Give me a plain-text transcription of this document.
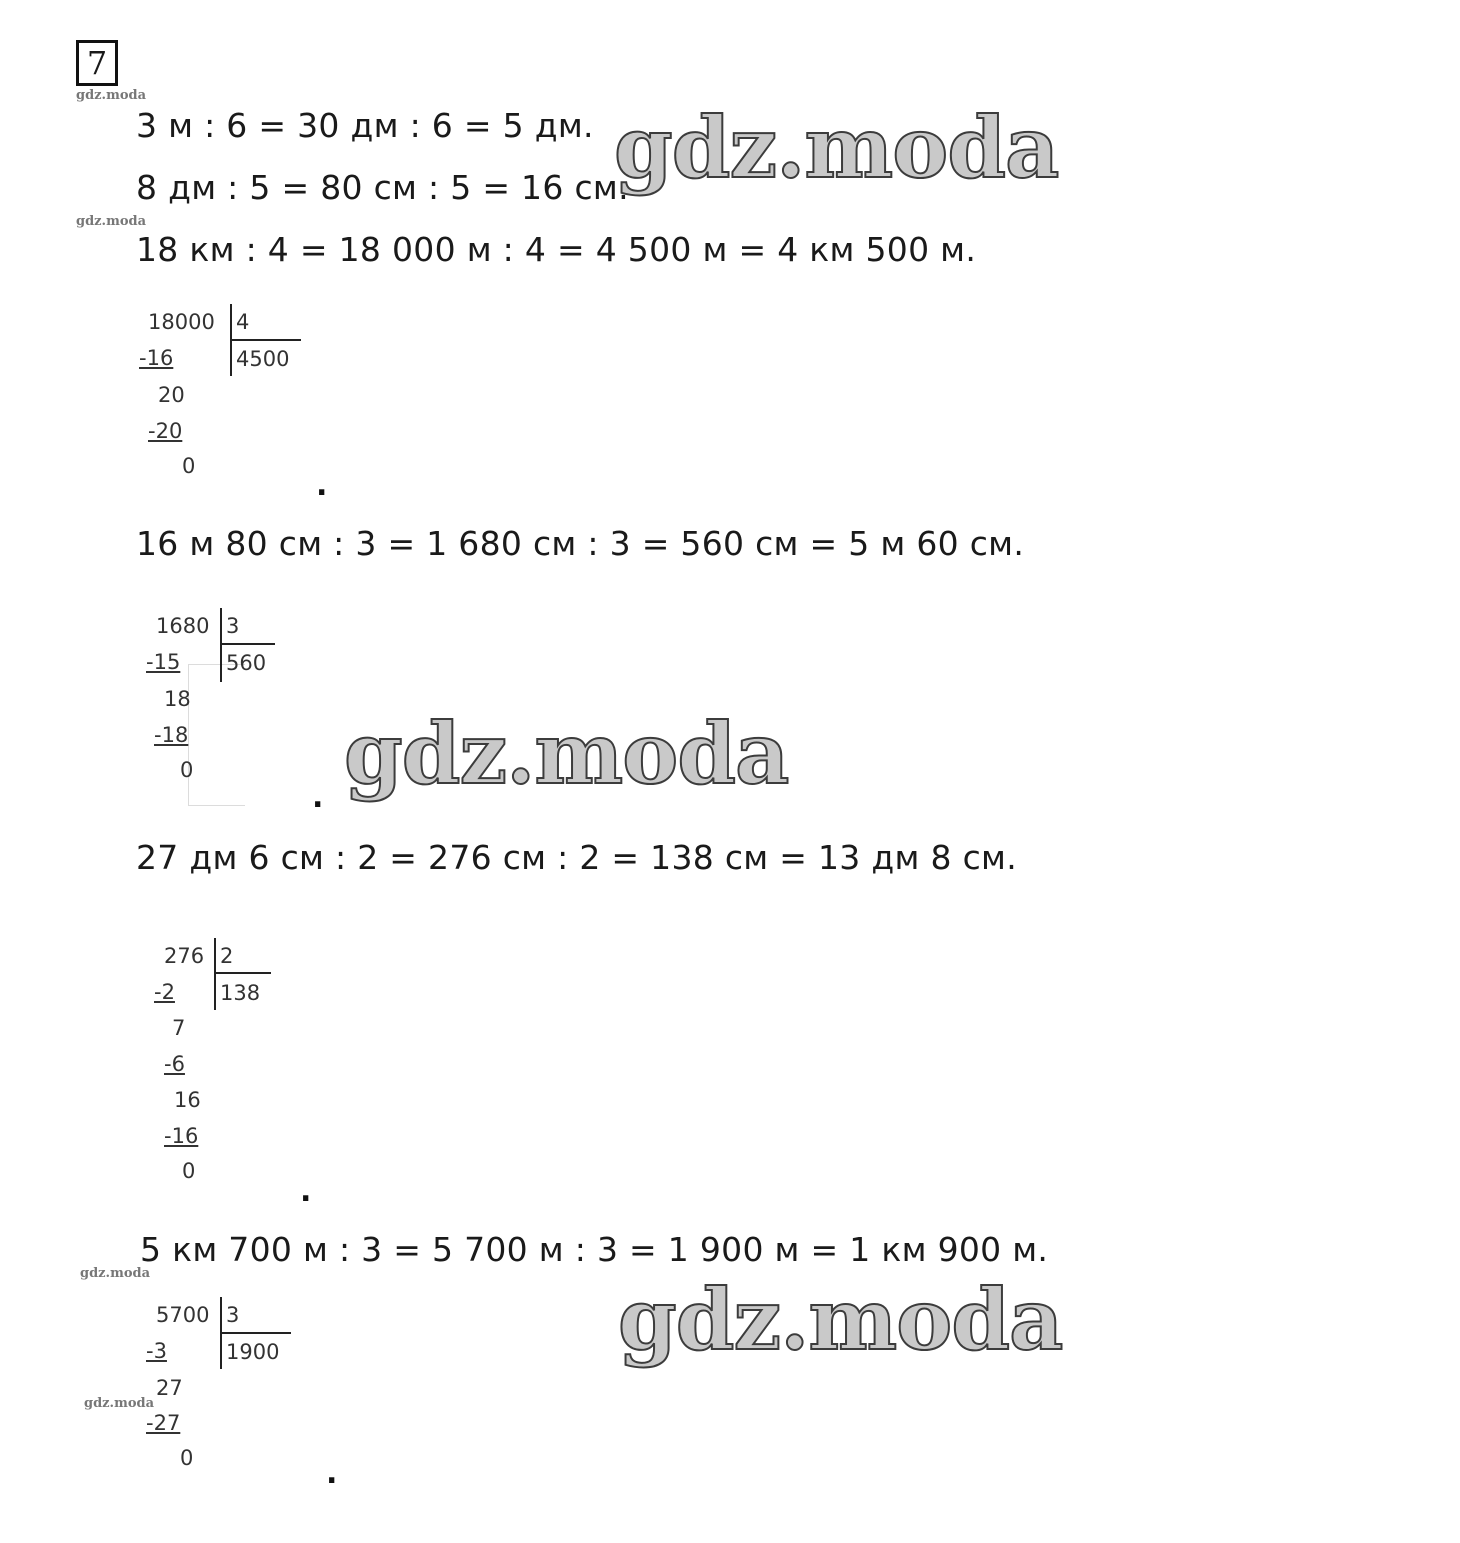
7
gdz.moda
gdz.moda
gdz.moda
gdz.moda
3 м : 6 = 30 дм : 6 = 5 дм.
8 дм : 5 = 80 см : 5 = 16 см.
18 км : 4 = 18 000 м : 4 = 4 500 м = 4 км 500 м.
16 м 80 см : 3 = 1 680 см : 3 = 560 см = 5 м 60 см.
27 дм 6 см : 2 = 276 см : 2 = 138 см = 13 дм 8 см.
5 км 700 м : 3 = 5 700 м : 3 = 1 900 м = 1 км 900 м.
18000 4
4500
-16
20
-20
0
.
1680 3
560
-15
18
-18
0
.
276 2
138
-2
7
-6
16
-16
0
.
5700 3
1900
-3
27
-27
0	.
gdz.moda
gdz.moda
gdz.moda
